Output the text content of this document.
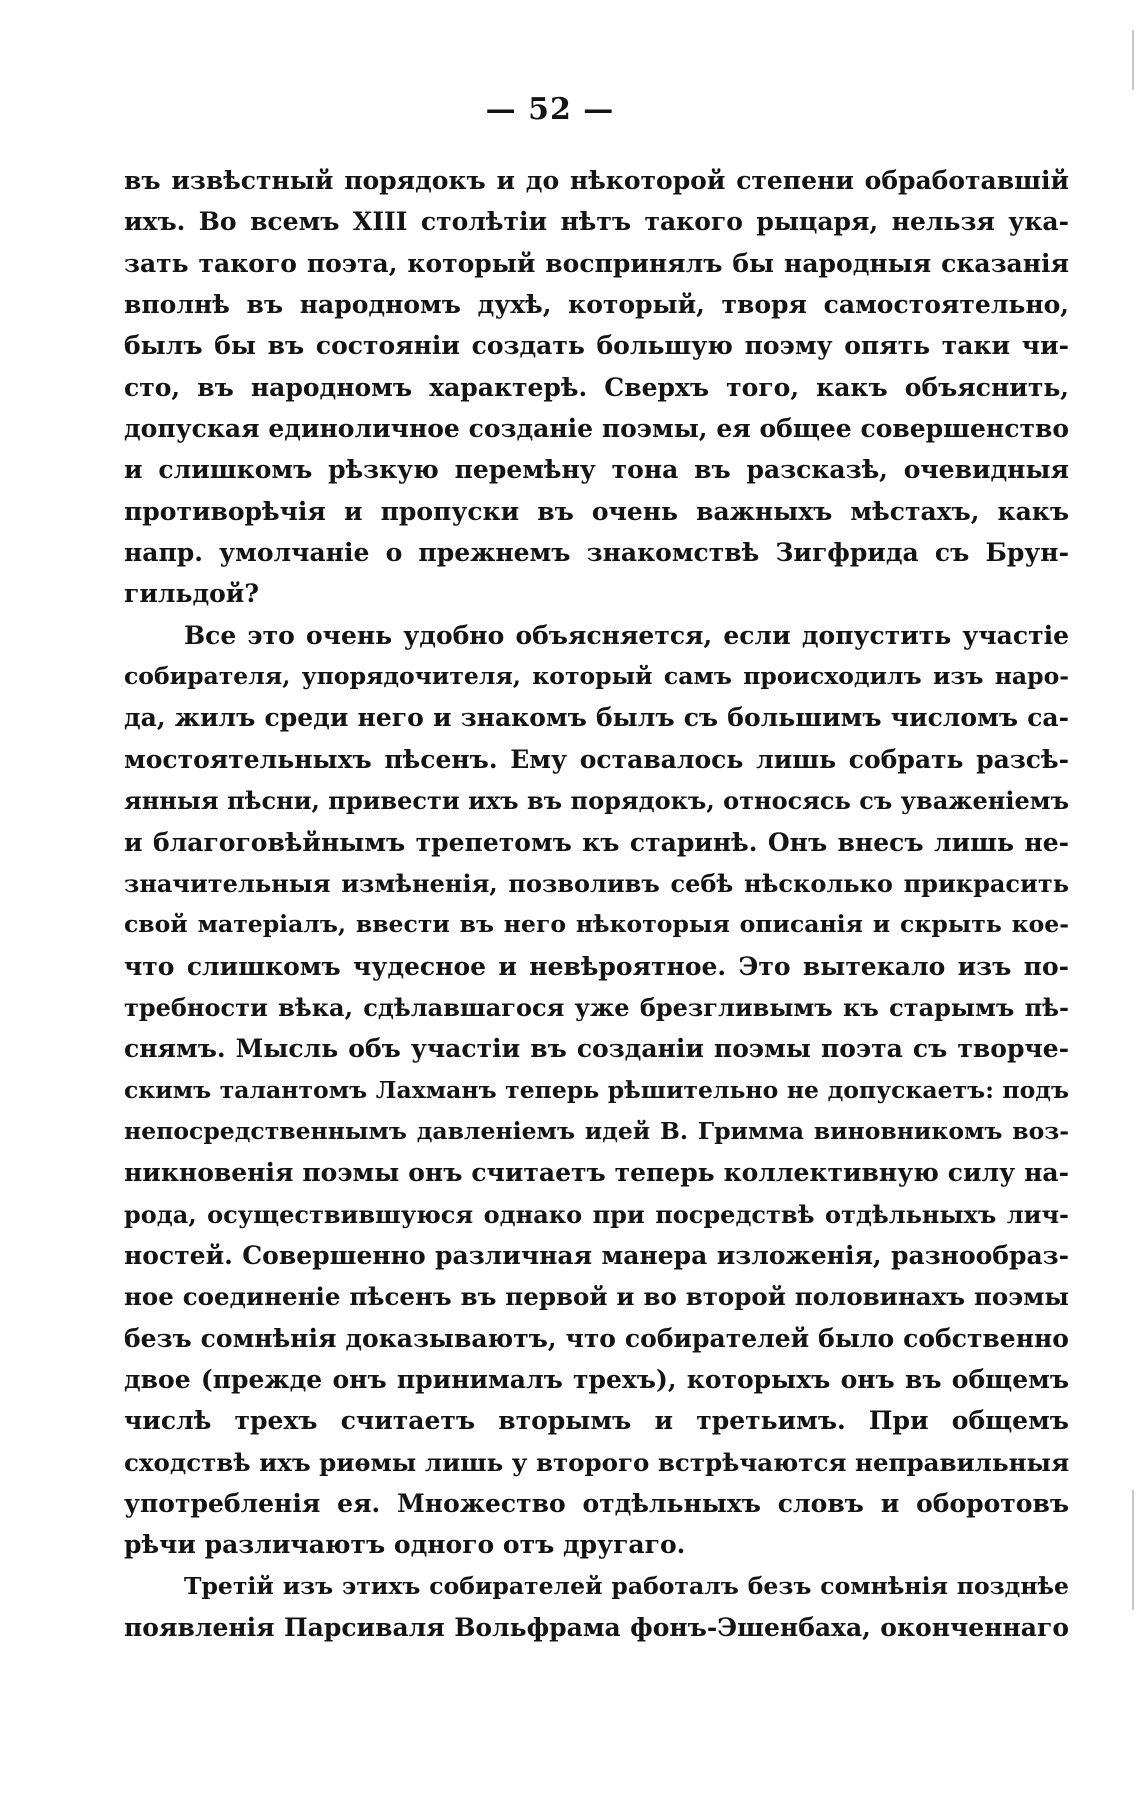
— 52 —
въ извѣстный порядокъ и до нѣкоторой степени обработавшій
ихъ. Во всемъ XIII столѣтіи нѣтъ такого рыцаря, нельзя ука-
зать такого поэта, который воспринялъ бы народныя сказанія
вполнѣ въ народномъ духѣ, который, творя самостоятельно,
былъ бы въ состояніи создать большую поэму опять таки чи-
сто, въ народномъ характерѣ. Сверхъ того, какъ объяснить,
допуская единоличное созданіе поэмы, ея общее совершенство
и слишкомъ рѣзкую перемѣну тона въ разсказѣ, очевидныя
противорѣчія и пропуски въ очень важныхъ мѣстахъ, какъ
напр. умолчаніе о прежнемъ знакомствѣ Зигфрида съ Брун-
гильдой?
Все это очень удобно объясняется, если допустить участіе
собирателя, упорядочителя, который самъ происходилъ изъ наро-
да, жилъ среди него и знакомъ былъ съ большимъ числомъ са-
мостоятельныхъ пѣсенъ. Ему оставалось лишь собрать разсѣ-
янныя пѣсни, привести ихъ въ порядокъ, относясь съ уваженіемъ
и благоговѣйнымъ трепетомъ къ старинѣ. Онъ внесъ лишь не-
значительныя измѣненія, позволивъ себѣ нѣсколько прикрасить
свой матеріалъ, ввести въ него нѣкоторыя описанія и скрыть кое-
что слишкомъ чудесное и невѣроятное. Это вытекало изъ по-
требности вѣка, сдѣлавшагося уже брезгливымъ къ старымъ пѣ-
снямъ. Мысль объ участіи въ созданіи поэмы поэта съ творче-
скимъ талантомъ Лахманъ теперь рѣшительно не допускаетъ: подъ
непосредственнымъ давленіемъ идей В. Гримма виновникомъ воз-
никновенія поэмы онъ считаетъ теперь коллективную силу на-
рода, осуществившуюся однако при посредствѣ отдѣльныхъ лич-
ностей. Совершенно различная манера изложенія, разнообраз-
ное соединеніе пѣсенъ въ первой и во второй половинахъ поэмы
безъ сомнѣнія доказываютъ, что собирателей было собственно
двое (прежде онъ принималъ трехъ), которыхъ онъ въ общемъ
числѣ трехъ считаетъ вторымъ и третьимъ. При общемъ
сходствѣ ихъ риѳмы лишь у второго встрѣчаются неправильныя
употребленія ея. Множество отдѣльныхъ словъ и оборотовъ
рѣчи различаютъ одного отъ другаго.
Третій изъ этихъ собирателей работалъ безъ сомнѣнія позднѣе
появленія Парсиваля Вольфрама фонъ-Эшенбаха, оконченнаго
